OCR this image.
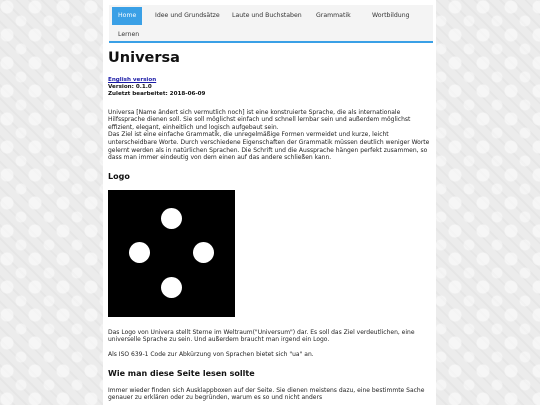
Home	Idee und Grundsätze	Laute und Buchstaben	Grammatik	Wortbildung
Lernen
Universa
English version
Version: 0.1.0
Zuletzt bearbeitet: 2018-06-09

Universa [Name ändert sich vermutlich noch] ist eine konstruierte Sprache, die als internationale Hilfssprache dienen soll. Sie soll möglichst einfach und schnell lernbar sein und außerdem möglichst effizient, elegant, einheitlich und logisch aufgebaut sein.

Das Ziel ist eine einfache Grammatik, die unregelmäßige Formen vermeidet und kurze, leicht unterscheidbare Worte. Durch verschiedene Eigenschaften der Grammatik müssen deutlich weniger Worte gelernt werden als in natürlichen Sprachen. Die Schrift und die Aussprache hängen perfekt zusammen, so dass man immer eindeutig von dem einen auf das andere schließen kann.

Logo

Das Logo von Univera stellt Sterne im Weltraum("Universum") dar. Es soll das Ziel verdeutlichen, eine universelle Sprache zu sein. Und außerdem braucht man irgend ein Logo.

Als ISO 639-1 Code zur Abkürzung von Sprachen bietet sich "ua" an.

Wie man diese Seite lesen sollte

Immer wieder finden sich Ausklappboxen auf der Seite. Sie dienen meistens dazu, eine bestimmte Sache genauer zu erklären oder zu begründen, warum es so und nicht anders
